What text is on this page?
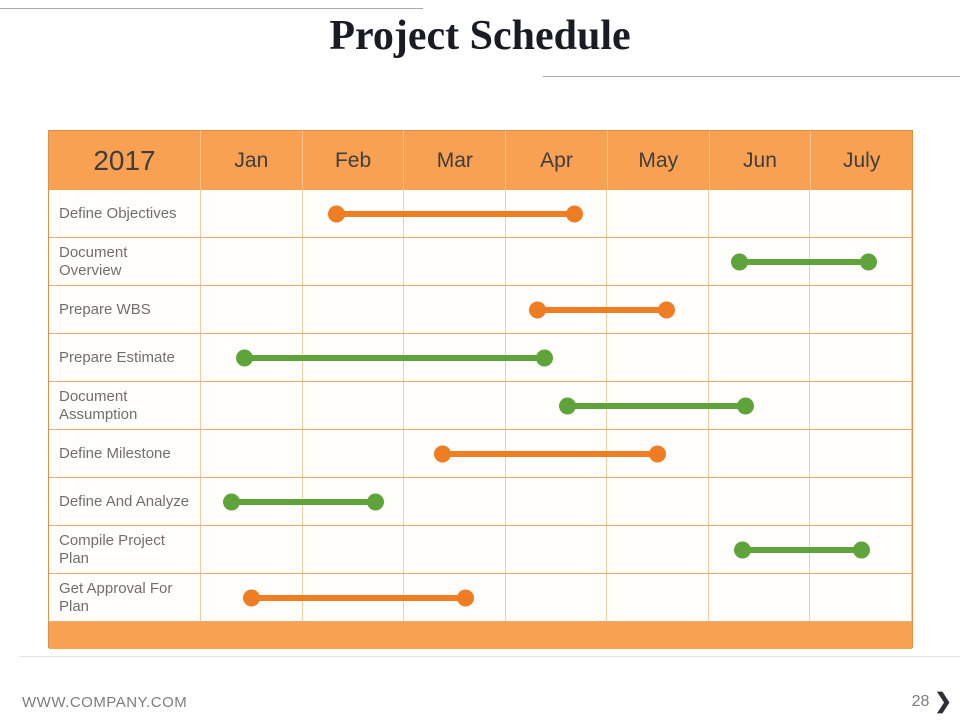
Project Schedule
2017	Jan	Feb	Mar	Apr	May	Jun	July
Define Objectives
Document Overview
Prepare WBS
Prepare Estimate
Document Assumption
Define Milestone
Define And Analyze
Compile Project Plan
Get Approval For Plan
WWW.COMPANY.COM	28 ❯
